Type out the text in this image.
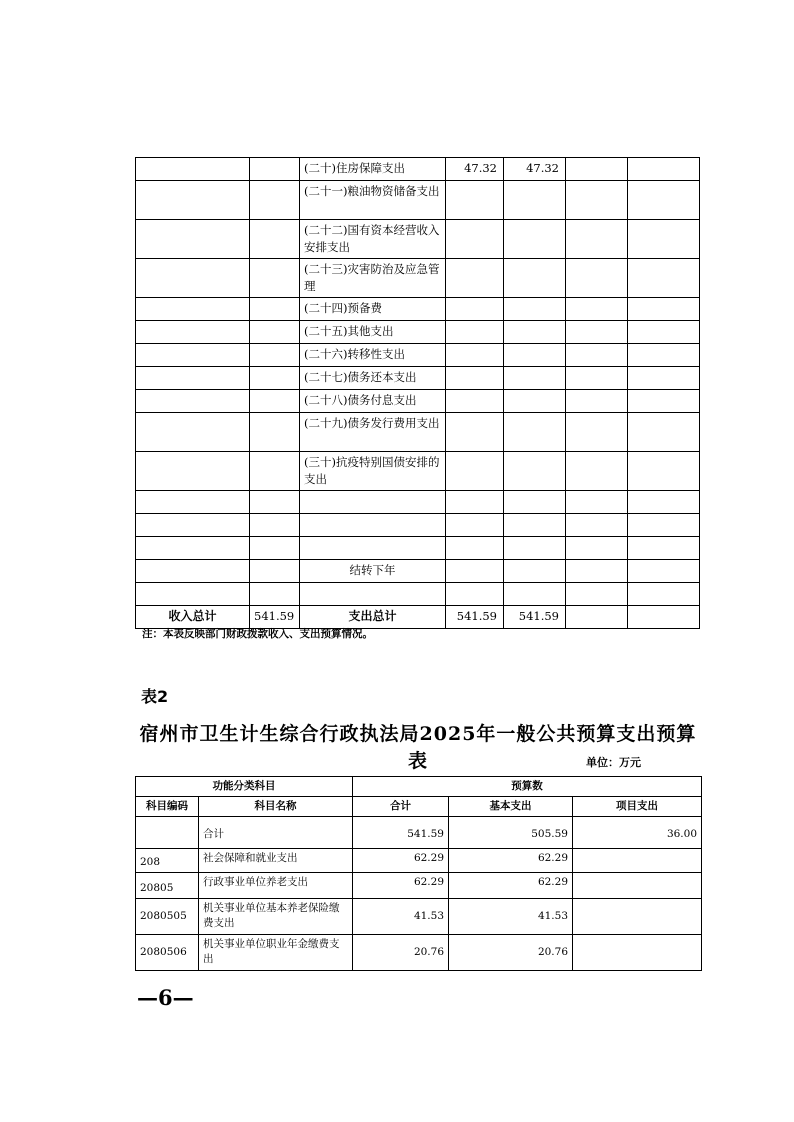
		(二十)住房保障支出	47.32	47.32		
		(二十一)粮油物资储备支出				
		(二十二)国有资本经营收入安排支出				
		(二十三)灾害防治及应急管理				
		(二十四)预备费				
		(二十五)其他支出				
		(二十六)转移性支出				
		(二十七)债务还本支出				
		(二十八)债务付息支出				
		(二十九)债务发行费用支出				
		(三十)抗疫特别国债安排的支出				

		结转下年				

收入总计	541.59	支出总计	541.59	541.59		
注：本表反映部门财政拨款收入、支出预算情况。
表2
宿州市卫生计生综合行政执法局2025年一般公共预算支出预算表	单位：万元
功能分类科目		预算数		
科目编码	科目名称	合计	基本支出	项目支出
	合计	541.59	505.59	36.00
208	社会保障和就业支出	62.29	62.29	
20805	行政事业单位养老支出	62.29	62.29	
2080505	机关事业单位基本养老保险缴费支出	41.53	41.53	
2080506	机关事业单位职业年金缴费支出	20.76	20.76	
—6—
